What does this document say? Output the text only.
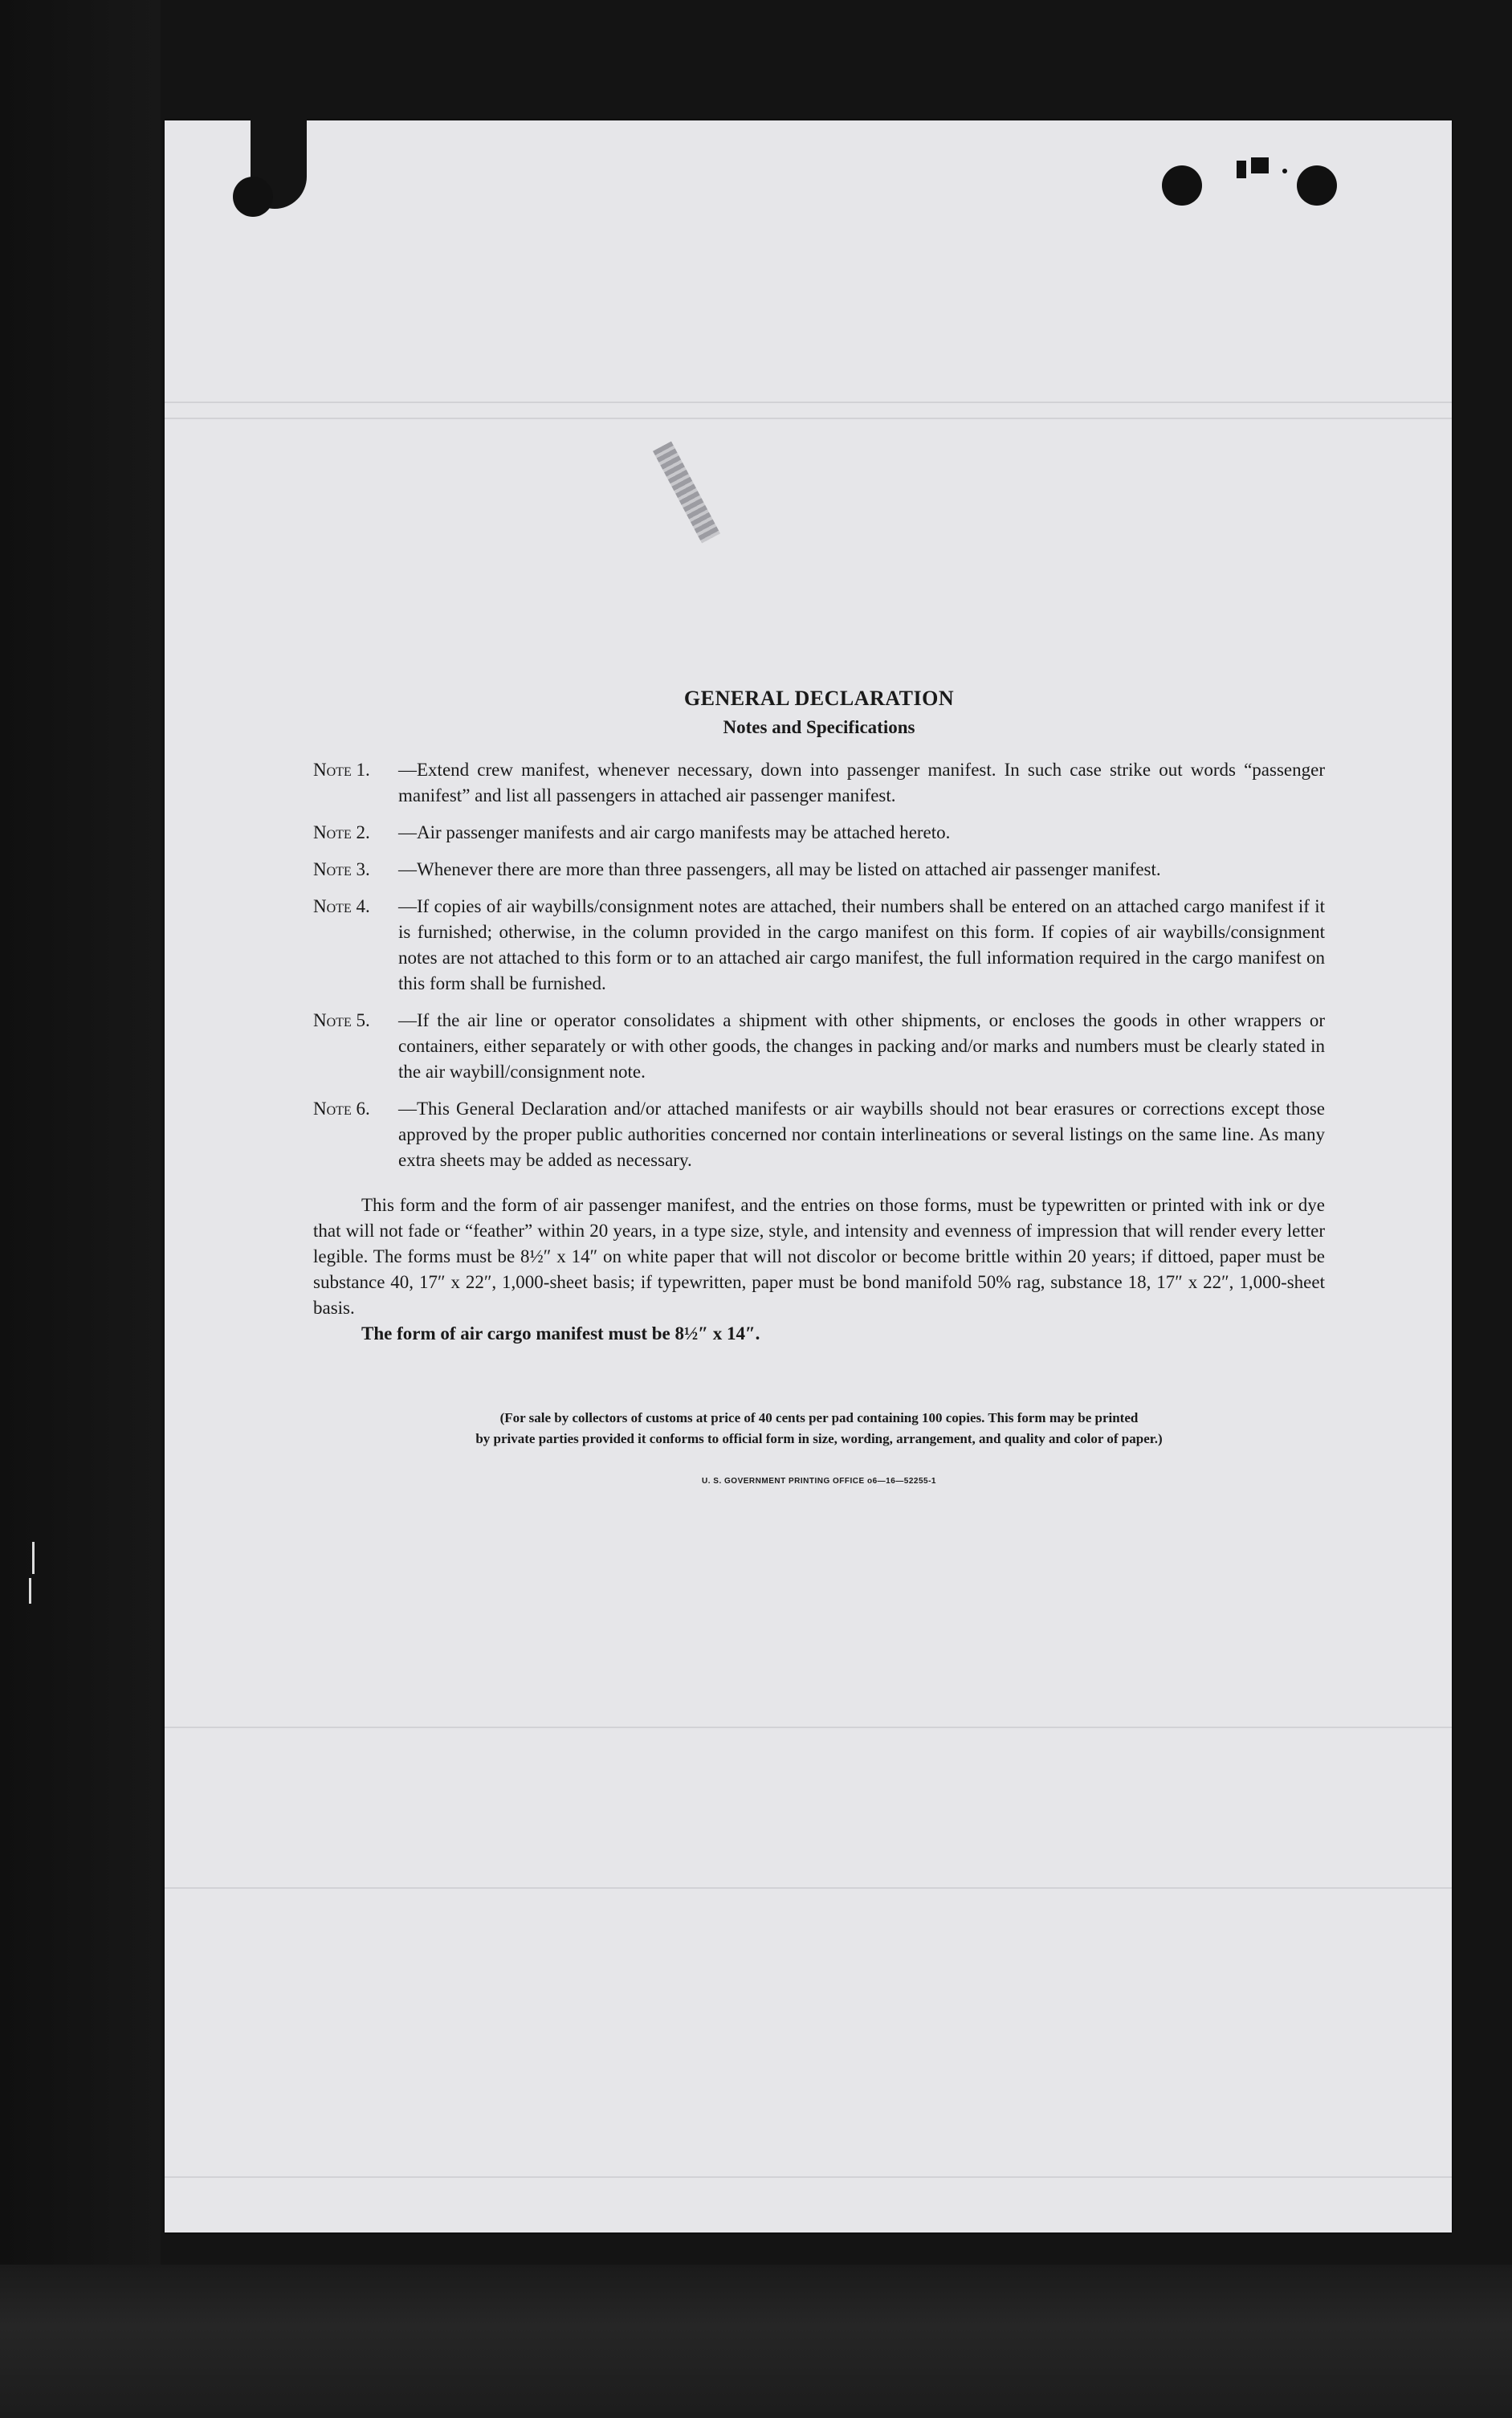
GENERAL DECLARATION
Notes and Specifications
Note 1.	—Extend crew manifest, whenever necessary, down into passenger manifest. In such case strike out words “passenger manifest” and list all passengers in attached air passenger manifest.
Note 2.	—Air passenger manifests and air cargo manifests may be attached hereto.
Note 3.	—Whenever there are more than three passengers, all may be listed on attached air passenger manifest.
Note 4.	—If copies of air waybills/consignment notes are attached, their numbers shall be entered on an attached cargo manifest if it is furnished; otherwise, in the column provided in the cargo manifest on this form. If copies of air waybills/consignment notes are not attached to this form or to an attached air cargo manifest, the full information required in the cargo manifest on this form shall be furnished.
Note 5.	—If the air line or operator consolidates a shipment with other shipments, or encloses the goods in other wrappers or containers, either separately or with other goods, the changes in packing and/or marks and numbers must be clearly stated in the air waybill/consignment note.
Note 6.	—This General Declaration and/or attached manifests or air waybills should not bear erasures or corrections except those approved by the proper public authorities concerned nor contain interlineations or several listings on the same line. As many extra sheets may be added as necessary.
This form and the form of air passenger manifest, and the entries on those forms, must be typewritten or printed with ink or dye that will not fade or “feather” within 20 years, in a type size, style, and intensity and evenness of impression that will render every letter legible. The forms must be 8½″ x 14″ on white paper that will not discolor or become brittle within 20 years; if dittoed, paper must be substance 40, 17″ x 22″, 1,000-sheet basis; if typewritten, paper must be bond manifold 50% rag, substance 18, 17″ x 22″, 1,000-sheet basis.
The form of air cargo manifest must be 8½″ x 14″.
(For sale by collectors of customs at price of 40 cents per pad containing 100 copies. This form may be printed
by private parties provided it conforms to official form in size, wording, arrangement, and quality and color of paper.)
U. S. GOVERNMENT PRINTING OFFICE o6—16—52255-1
